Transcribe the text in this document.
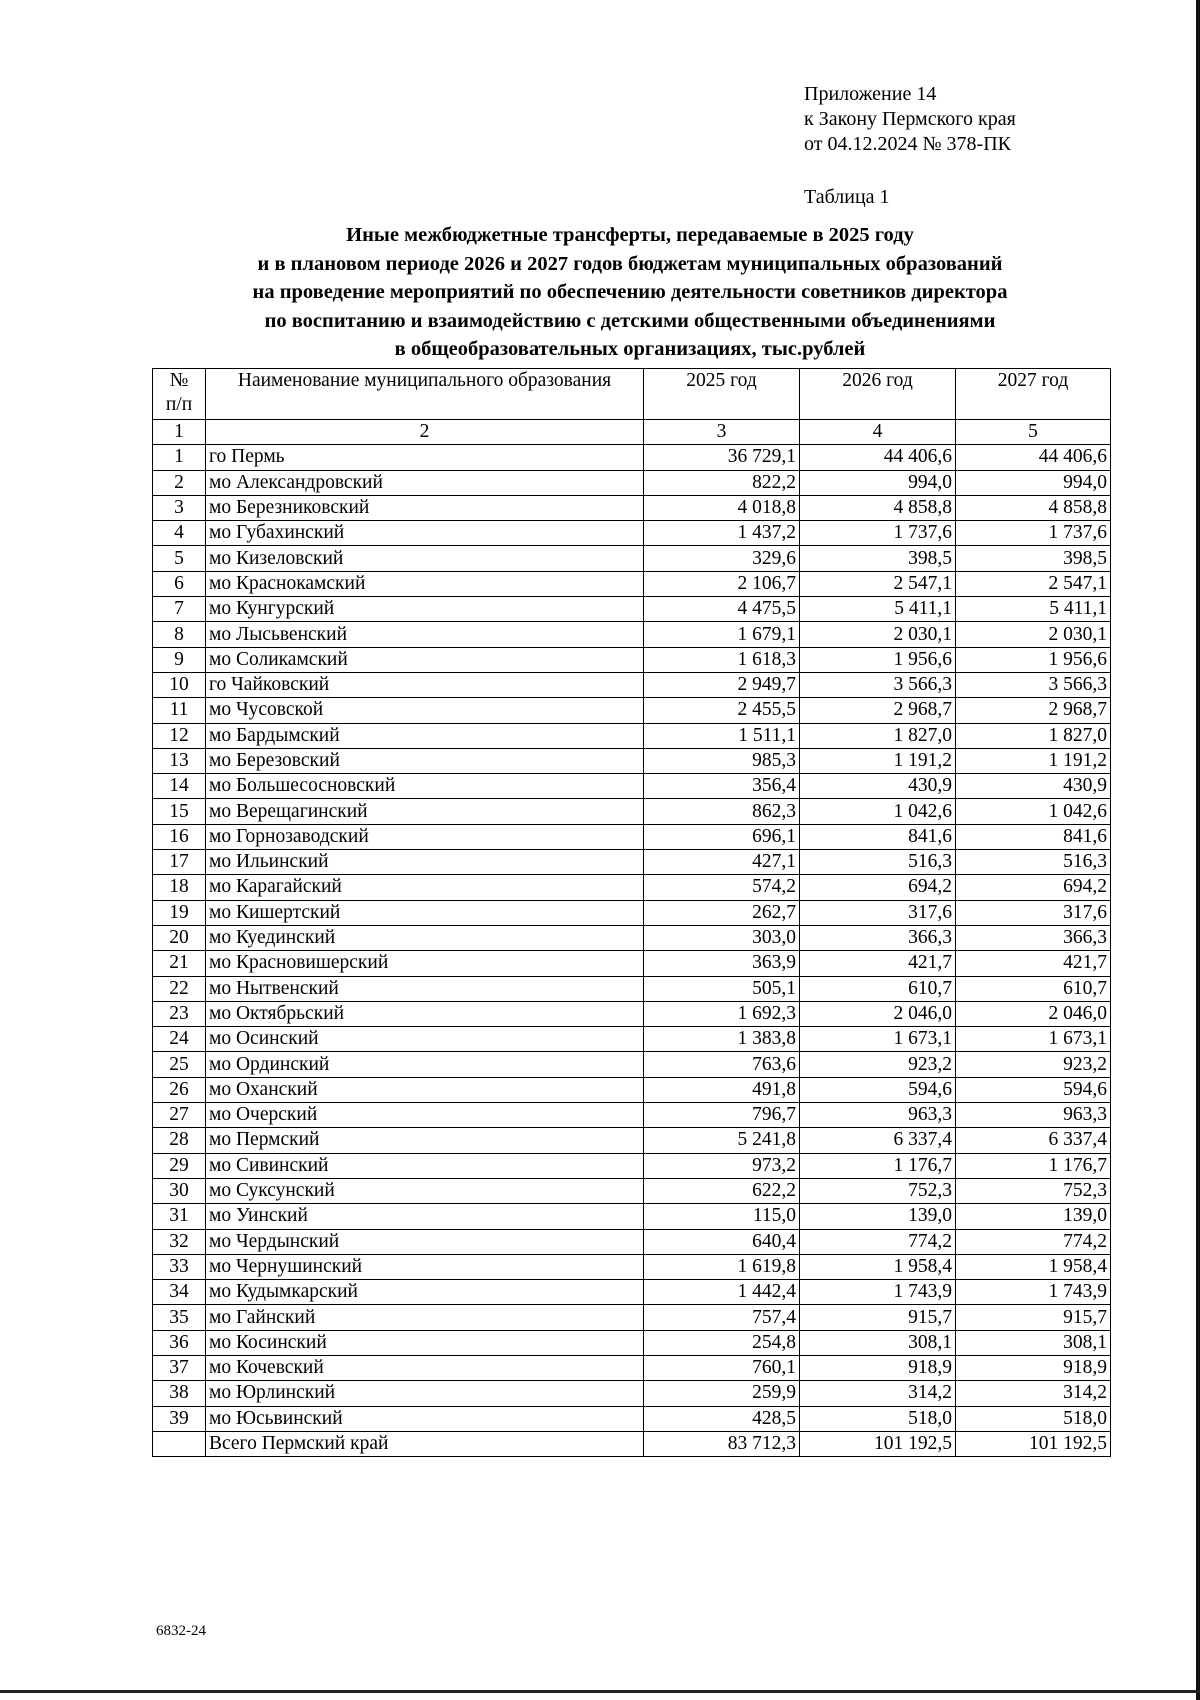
Приложение 14
к Закону Пермского края
от 04.12.2024 № 378-ПК
Таблица 1
Иные межбюджетные трансферты, передаваемые в 2025 году
и в плановом периоде 2026 и 2027 годов бюджетам муниципальных образований
на проведение мероприятий по обеспечению деятельности советников директора
по воспитанию и взаимодействию с детскими общественными объединениями
в общеобразовательных организациях, тыс.рублей
№
п/п	Наименование муниципального образования	2025 год	2026 год	2027 год
1	2	3	4	5
1	го Пермь	36 729,1	44 406,6	44 406,6
2	мо Александровский	822,2	994,0	994,0
3	мо Березниковский	4 018,8	4 858,8	4 858,8
4	мо Губахинский	1 437,2	1 737,6	1 737,6
5	мо Кизеловский	329,6	398,5	398,5
6	мо Краснокамский	2 106,7	2 547,1	2 547,1
7	мо Кунгурский	4 475,5	5 411,1	5 411,1
8	мо Лысьвенский	1 679,1	2 030,1	2 030,1
9	мо Соликамский	1 618,3	1 956,6	1 956,6
10	го Чайковский	2 949,7	3 566,3	3 566,3
11	мо Чусовской	2 455,5	2 968,7	2 968,7
12	мо Бардымский	1 511,1	1 827,0	1 827,0
13	мо Березовский	985,3	1 191,2	1 191,2
14	мо Большесосновский	356,4	430,9	430,9
15	мо Верещагинский	862,3	1 042,6	1 042,6
16	мо Горнозаводский	696,1	841,6	841,6
17	мо Ильинский	427,1	516,3	516,3
18	мо Карагайский	574,2	694,2	694,2
19	мо Кишертский	262,7	317,6	317,6
20	мо Куединский	303,0	366,3	366,3
21	мо Красновишерский	363,9	421,7	421,7
22	мо Нытвенский	505,1	610,7	610,7
23	мо Октябрьский	1 692,3	2 046,0	2 046,0
24	мо Осинский	1 383,8	1 673,1	1 673,1
25	мо Ординский	763,6	923,2	923,2
26	мо Оханский	491,8	594,6	594,6
27	мо Очерский	796,7	963,3	963,3
28	мо Пермский	5 241,8	6 337,4	6 337,4
29	мо Сивинский	973,2	1 176,7	1 176,7
30	мо Суксунский	622,2	752,3	752,3
31	мо Уинский	115,0	139,0	139,0
32	мо Чердынский	640,4	774,2	774,2
33	мо Чернушинский	1 619,8	1 958,4	1 958,4
34	мо Кудымкарский	1 442,4	1 743,9	1 743,9
35	мо Гайнский	757,4	915,7	915,7
36	мо Косинский	254,8	308,1	308,1
37	мо Кочевский	760,1	918,9	918,9
38	мо Юрлинский	259,9	314,2	314,2
39	мо Юсьвинский	428,5	518,0	518,0
	Всего Пермский край	83 712,3	101 192,5	101 192,5
6832-24
